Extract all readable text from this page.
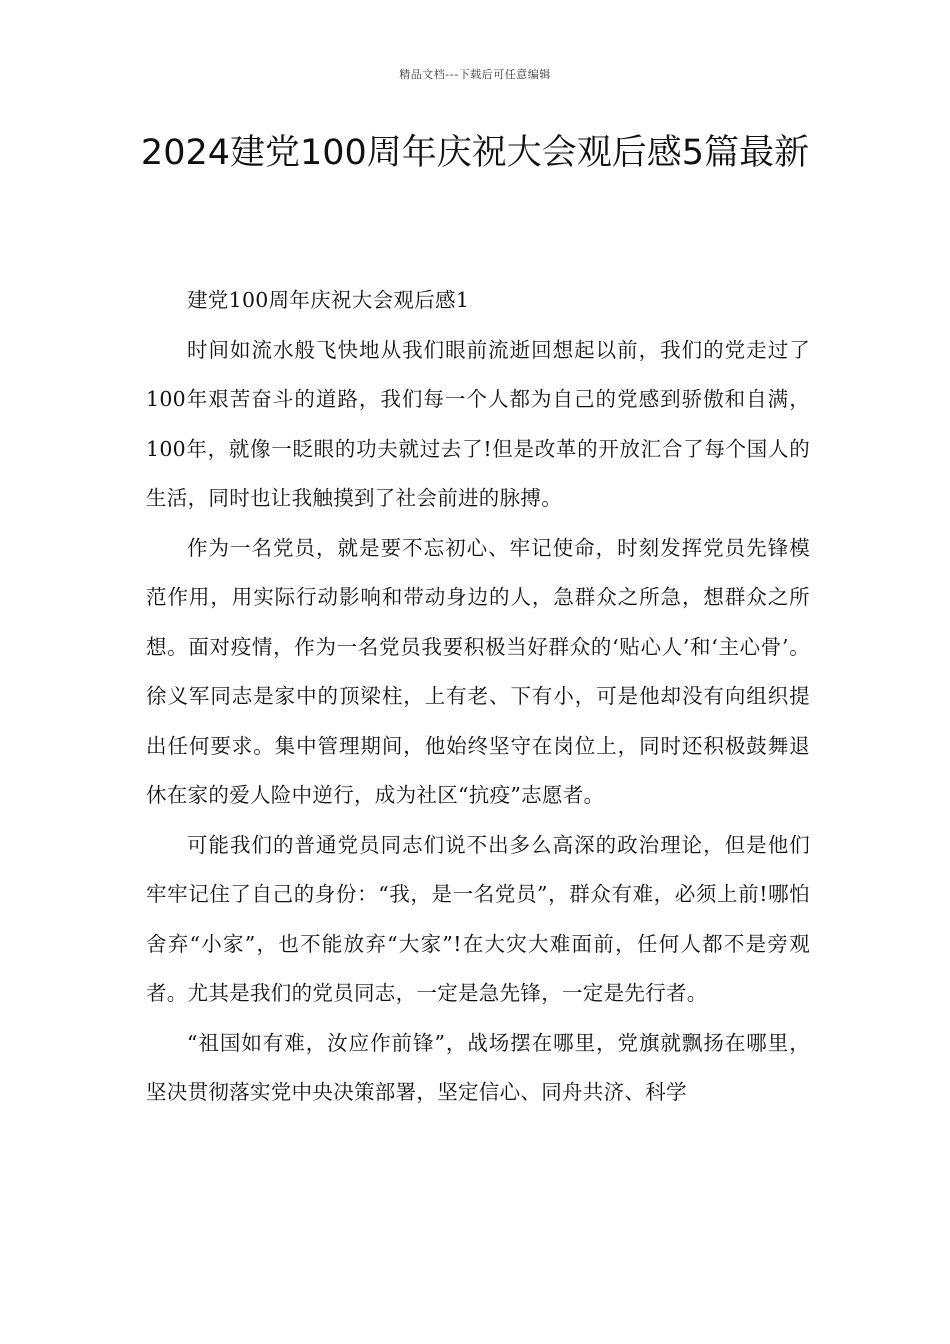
精品文档---下载后可任意编辑
2024建党100周年庆祝大会观后感5篇最新

建党100周年庆祝大会观后感1

时间如流水般飞快地从我们眼前流逝回想起以前，我们的党走过了100年艰苦奋斗的道路，我们每一个人都为自己的党感到骄傲和自满，100年，就像一眨眼的功夫就过去了!但是改革的开放汇合了每个国人的生活，同时也让我触摸到了社会前进的脉搏。

作为一名党员，就是要不忘初心、牢记使命，时刻发挥党员先锋模范作用，用实际行动影响和带动身边的人，急群众之所急，想群众之所想。面对疫情，作为一名党员我要积极当好群众的‘贴心人’和‘主心骨’。徐义军同志是家中的顶梁柱，上有老、下有小，可是他却没有向组织提出任何要求。集中管理期间，他始终坚守在岗位上，同时还积极鼓舞退休在家的爱人险中逆行，成为社区“抗疫”志愿者。

可能我们的普通党员同志们说不出多么高深的政治理论，但是他们牢牢记住了自己的身份：“我，是一名党员”，群众有难，必须上前!哪怕舍弃“小家”，也不能放弃“大家”!在大灾大难面前，任何人都不是旁观者。尤其是我们的党员同志，一定是急先锋，一定是先行者。

“祖国如有难，汝应作前锋”，战场摆在哪里，党旗就飘扬在哪里，坚决贯彻落实党中央决策部署，坚定信心、同舟共济、科学
